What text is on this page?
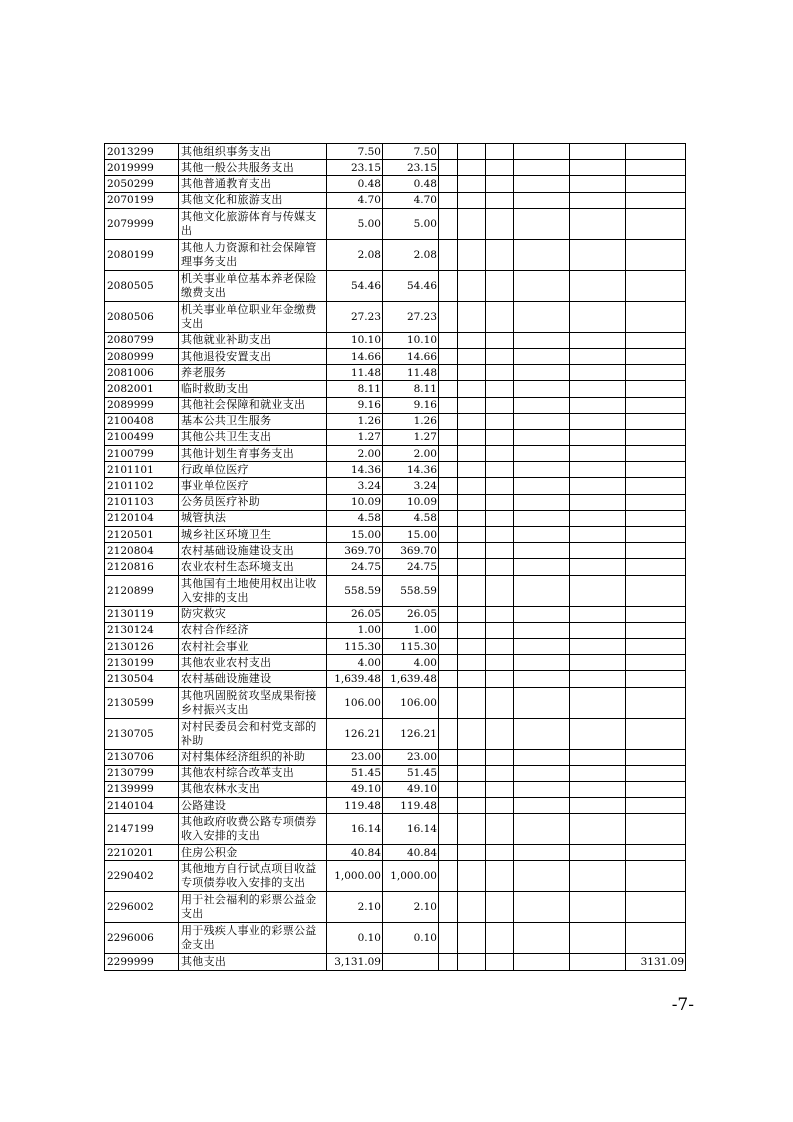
2013299	其他组织事务支出	7.50	7.50						
2019999	其他一般公共服务支出	23.15	23.15						
2050299	其他普通教育支出	0.48	0.48						
2070199	其他文化和旅游支出	4.70	4.70						
2079999	其他文化旅游体育与传媒支出	5.00	5.00						
2080199	其他人力资源和社会保障管理事务支出	2.08	2.08						
2080505	机关事业单位基本养老保险缴费支出	54.46	54.46						
2080506	机关事业单位职业年金缴费支出	27.23	27.23						
2080799	其他就业补助支出	10.10	10.10						
2080999	其他退役安置支出	14.66	14.66						
2081006	养老服务	11.48	11.48						
2082001	临时救助支出	8.11	8.11						
2089999	其他社会保障和就业支出	9.16	9.16						
2100408	基本公共卫生服务	1.26	1.26						
2100499	其他公共卫生支出	1.27	1.27						
2100799	其他计划生育事务支出	2.00	2.00						
2101101	行政单位医疗	14.36	14.36						
2101102	事业单位医疗	3.24	3.24						
2101103	公务员医疗补助	10.09	10.09						
2120104	城管执法	4.58	4.58						
2120501	城乡社区环境卫生	15.00	15.00						
2120804	农村基础设施建设支出	369.70	369.70						
2120816	农业农村生态环境支出	24.75	24.75						
2120899	其他国有土地使用权出让收入安排的支出	558.59	558.59						
2130119	防灾救灾	26.05	26.05						
2130124	农村合作经济	1.00	1.00						
2130126	农村社会事业	115.30	115.30						
2130199	其他农业农村支出	4.00	4.00						
2130504	农村基础设施建设	1,639.48	1,639.48						
2130599	其他巩固脱贫攻坚成果衔接乡村振兴支出	106.00	106.00						
2130705	对村民委员会和村党支部的补助	126.21	126.21						
2130706	对村集体经济组织的补助	23.00	23.00						
2130799	其他农村综合改革支出	51.45	51.45						
2139999	其他农林水支出	49.10	49.10						
2140104	公路建设	119.48	119.48						
2147199	其他政府收费公路专项债券收入安排的支出	16.14	16.14						
2210201	住房公积金	40.84	40.84						
2290402	其他地方自行试点项目收益专项债券收入安排的支出	1,000.00	1,000.00						
2296002	用于社会福利的彩票公益金支出	2.10	2.10						
2296006	用于残疾人事业的彩票公益金支出	0.10	0.10						
2299999	其他支出	3,131.09							3131.09
-7-
